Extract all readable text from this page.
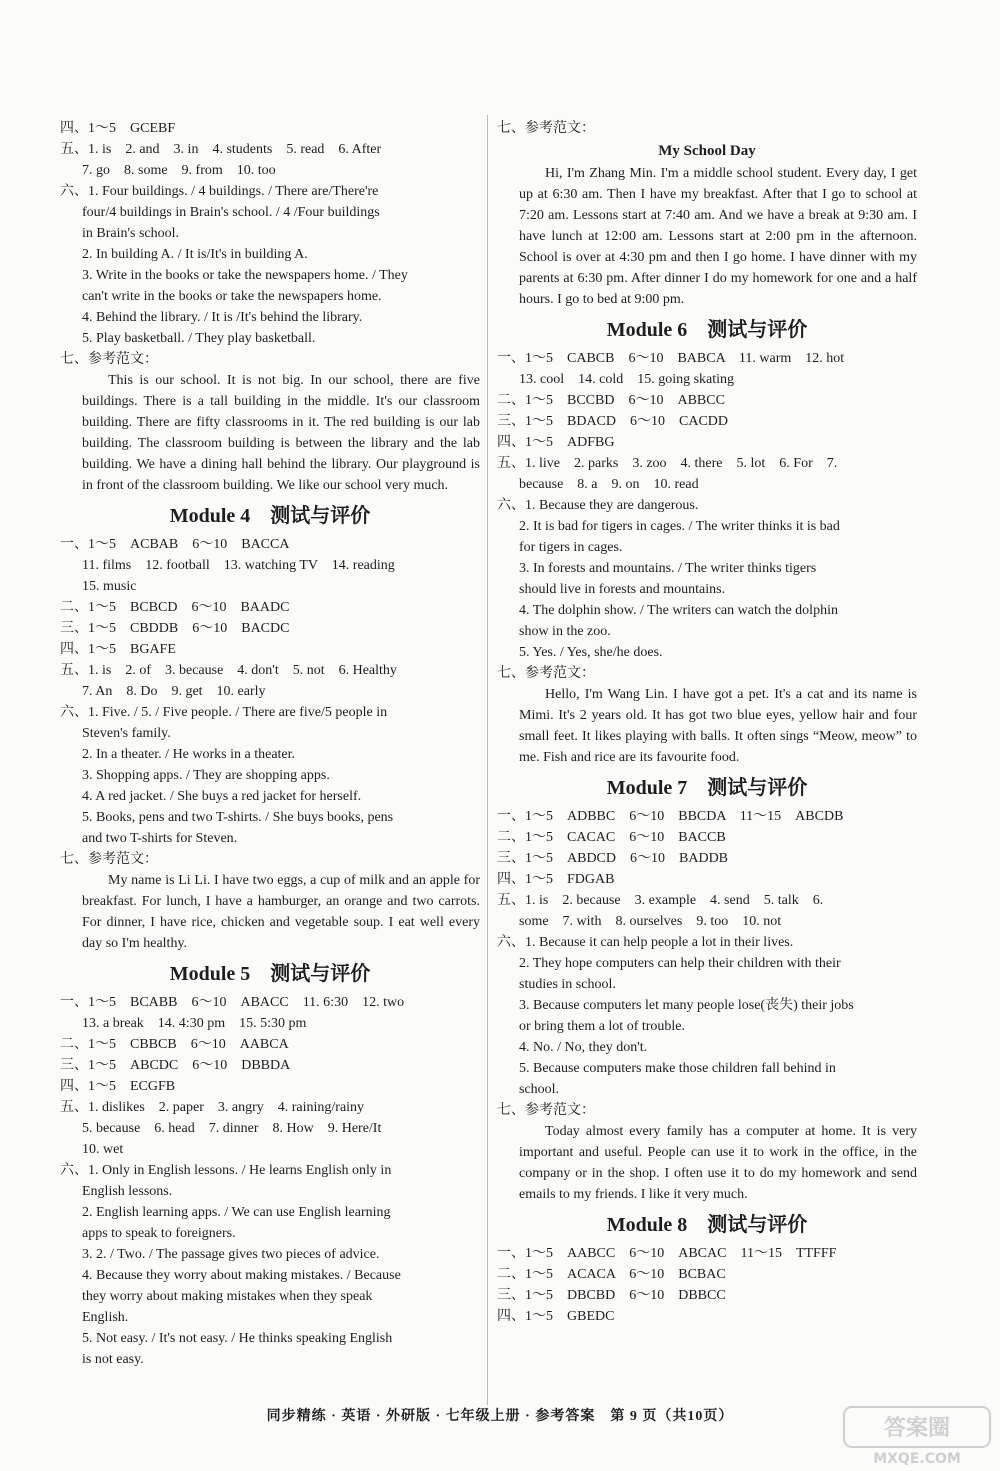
四、1～5　GCEBF
五、1. is　2. and　3. in　4. students　5. read　6. After
7. go　8. some　9. from　10. too
六、1. Four buildings. / 4 buildings. / There are/There're
four/4 buildings in Brain's school. / 4 /Four buildings
in Brain's school.
2. In building A. / It is/It's in building A.
3. Write in the books or take the newspapers home. / They
can't write in the books or take the newspapers home.
4. Behind the library. / It is /It's behind the library.
5. Play basketball. / They play basketball.
七、参考范文：
This is our school. It is not big. In our school, there are five buildings. There is a tall building in the middle. It's our classroom building. There are fifty classrooms in it. The red building is our lab building. The classroom building is between the library and the lab building. We have a dining hall behind the library. Our playground is in front of the classroom building. We like our school very much.
Module 4　测试与评价
一、1～5　ACBAB　6～10　BACCA
11. films　12. football　13. watching TV　14. reading
15. music
二、1～5　BCBCD　6～10　BAADC
三、1～5　CBDDB　6～10　BACDC
四、1～5　BGAFE
五、1. is　2. of　3. because　4. don't　5. not　6. Healthy
7. An　8. Do　9. get　10. early
六、1. Five. / 5. / Five people. / There are five/5 people in
Steven's family.
2. In a theater. / He works in a theater.
3. Shopping apps. / They are shopping apps.
4. A red jacket. / She buys a red jacket for herself.
5. Books, pens and two T-shirts. / She buys books, pens
and two T-shirts for Steven.
七、参考范文：
My name is Li Li. I have two eggs, a cup of milk and an apple for breakfast. For lunch, I have a hamburger, an orange and two carrots. For dinner, I have rice, chicken and vegetable soup. I eat well every day so I'm healthy.
Module 5　测试与评价
一、1～5　BCABB　6～10　ABACC　11. 6:30　12. two
13. a break　14. 4:30 pm　15. 5:30 pm
二、1～5　CBBCB　6～10　AABCA
三、1～5　ABCDC　6～10　DBBDA
四、1～5　ECGFB
五、1. dislikes　2. paper　3. angry　4. raining/rainy
5. because　6. head　7. dinner　8. How　9. Here/It
10. wet
六、1. Only in English lessons. / He learns English only in
English lessons.
2. English learning apps. / We can use English learning
apps to speak to foreigners.
3. 2. / Two. / The passage gives two pieces of advice.
4. Because they worry about making mistakes. / Because
they worry about making mistakes when they speak
English.
5. Not easy. / It's not easy. / He thinks speaking English
is not easy.
七、参考范文：
My School Day
Hi, I'm Zhang Min. I'm a middle school student. Every day, I get up at 6:30 am. Then I have my breakfast. After that I go to school at 7:20 am. Lessons start at 7:40 am. And we have a break at 9:30 am. I have lunch at 12:00 am. Lessons start at 2:00 pm in the afternoon. School is over at 4:30 pm and then I go home. I have dinner with my parents at 6:30 pm. After dinner I do my homework for one and a half hours. I go to bed at 9:00 pm.
Module 6　测试与评价
一、1～5　CABCB　6～10　BABCA　11. warm　12. hot
13. cool　14. cold　15. going skating
二、1～5　BCCBD　6～10　ABBCC
三、1～5　BDACD　6～10　CACDD
四、1～5　ADFBG
五、1. live　2. parks　3. zoo　4. there　5. lot　6. For　7.
because　8. a　9. on　10. read
六、1. Because they are dangerous.
2. It is bad for tigers in cages. / The writer thinks it is bad
for tigers in cages.
3. In forests and mountains. / The writer thinks tigers
should live in forests and mountains.
4. The dolphin show. / The writers can watch the dolphin
show in the zoo.
5. Yes. / Yes, she/he does.
七、参考范文：
Hello, I'm Wang Lin. I have got a pet. It's a cat and its name is Mimi. It's 2 years old. It has got two blue eyes, yellow hair and four small feet. It likes playing with balls. It often sings “Meow, meow” to me. Fish and rice are its favourite food.
Module 7　测试与评价
一、1～5　ADBBC　6～10　BBCDA　11～15　ABCDB
二、1～5　CACAC　6～10　BACCB
三、1～5　ABDCD　6～10　BADDB
四、1～5　FDGAB
五、1. is　2. because　3. example　4. send　5. talk　6.
some　7. with　8. ourselves　9. too　10. not
六、1. Because it can help people a lot in their lives.
2. They hope computers can help their children with their
studies in school.
3. Because computers let many people lose(丧失) their jobs
or bring them a lot of trouble.
4. No. / No, they don't.
5. Because computers make those children fall behind in
school.
七、参考范文：
Today almost every family has a computer at home. It is very important and useful. People can use it to work in the office, in the company or in the shop. I often use it to do my homework and send emails to my friends. I like it very much.
Module 8　测试与评价
一、1～5　AABCC　6～10　ABCAC　11～15　TTFFF
二、1～5　ACACA　6～10　BCBAC
三、1～5　DBCBD　6～10　DBBCC
四、1～5　GBEDC
同步精练 · 英语 · 外研版 · 七年级上册 · 参考答案　第 9 页（共10页）	答案圈
MXQE.COM
